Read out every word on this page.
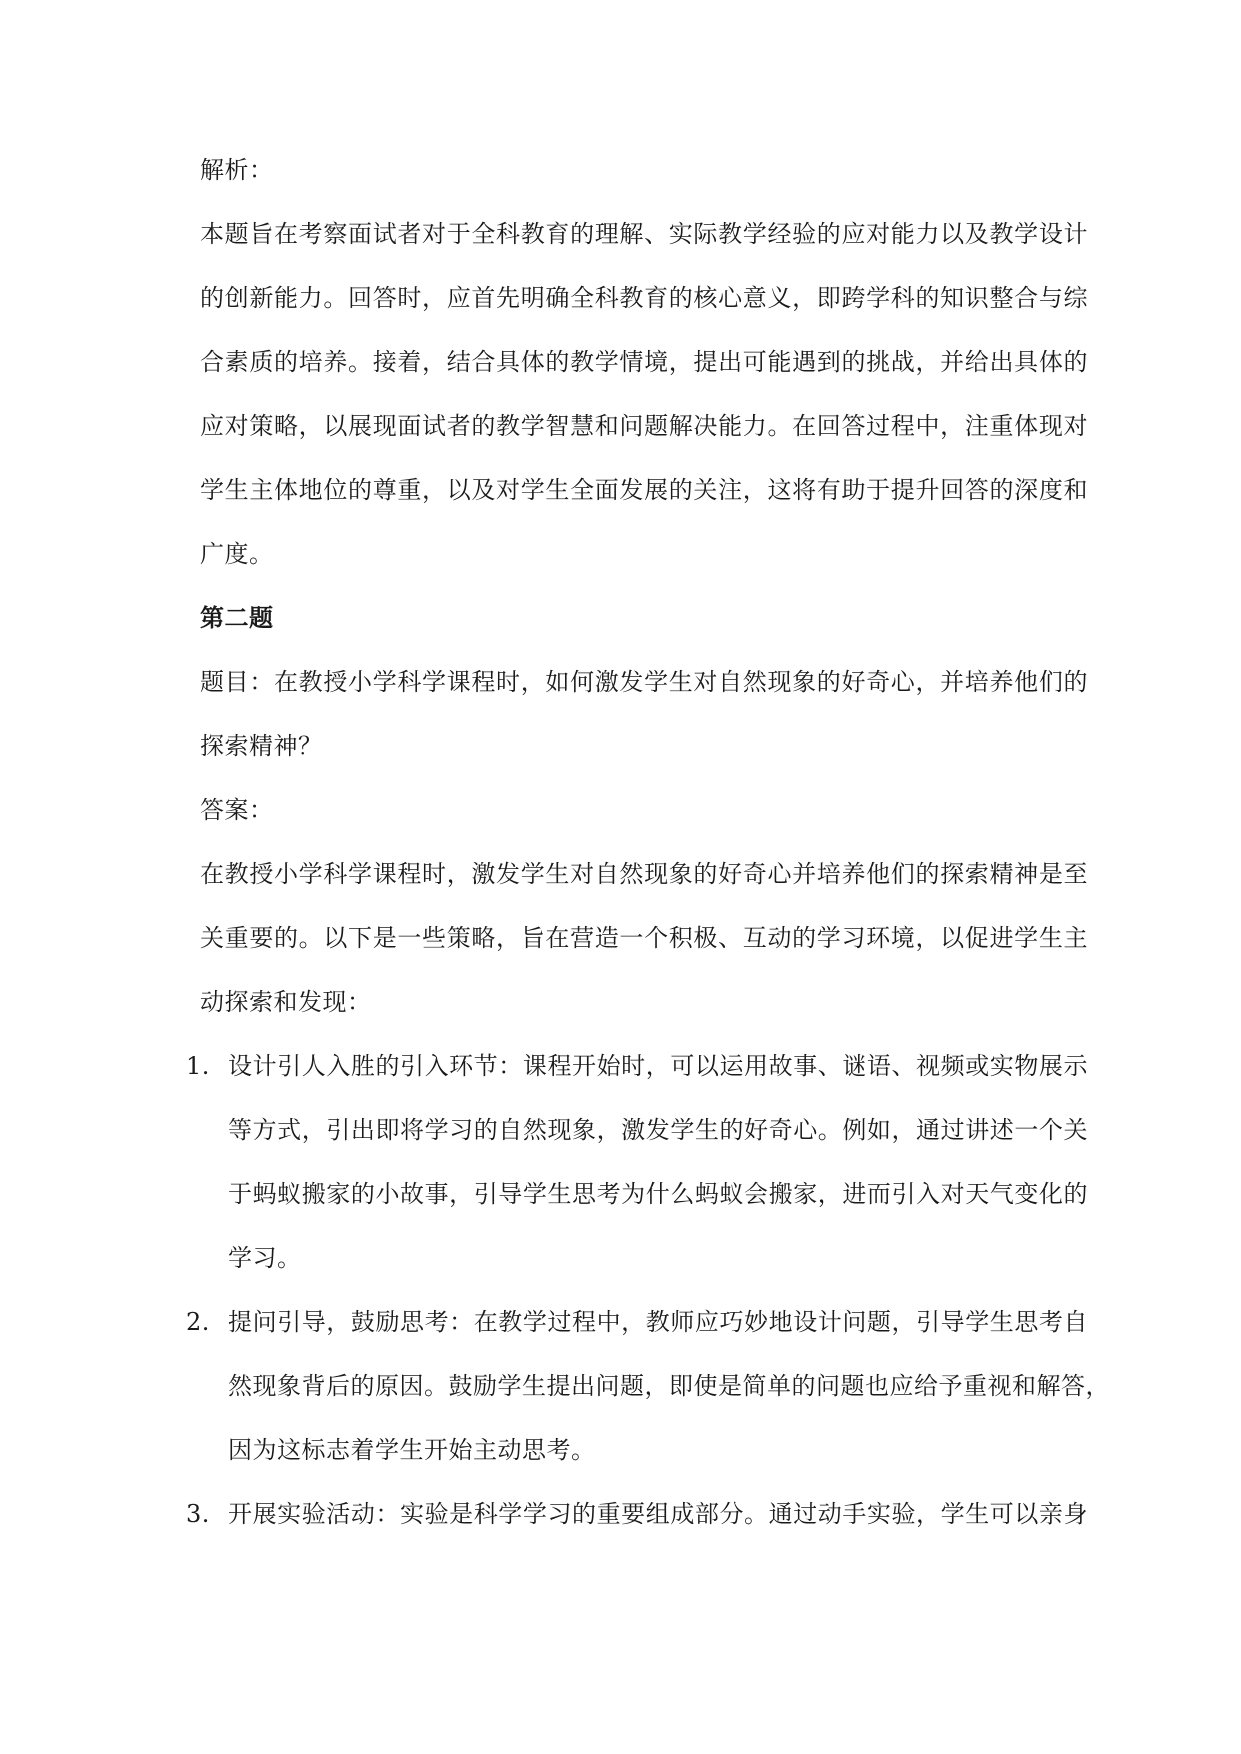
解析：
本题旨在考察面试者对于全科教育的理解、实际教学经验的应对能力以及教学设计
的创新能力。回答时，应首先明确全科教育的核心意义，即跨学科的知识整合与综
合素质的培养。接着，结合具体的教学情境，提出可能遇到的挑战，并给出具体的
应对策略，以展现面试者的教学智慧和问题解决能力。在回答过程中，注重体现对
学生主体地位的尊重，以及对学生全面发展的关注，这将有助于提升回答的深度和
广度。
第二题
题目：在教授小学科学课程时，如何激发学生对自然现象的好奇心，并培养他们的
探索精神？
答案：
在教授小学科学课程时，激发学生对自然现象的好奇心并培养他们的探索精神是至
关重要的。以下是一些策略，旨在营造一个积极、互动的学习环境，以促进学生主
动探索和发现：
1. 设计引人入胜的引入环节：课程开始时，可以运用故事、谜语、视频或实物展示
等方式，引出即将学习的自然现象，激发学生的好奇心。例如，通过讲述一个关
于蚂蚁搬家的小故事，引导学生思考为什么蚂蚁会搬家，进而引入对天气变化的
学习。
2. 提问引导，鼓励思考：在教学过程中，教师应巧妙地设计问题，引导学生思考自
然现象背后的原因。鼓励学生提出问题，即使是简单的问题也应给予重视和解答，
因为这标志着学生开始主动思考。
3. 开展实验活动：实验是科学学习的重要组成部分。通过动手实验，学生可以亲身
